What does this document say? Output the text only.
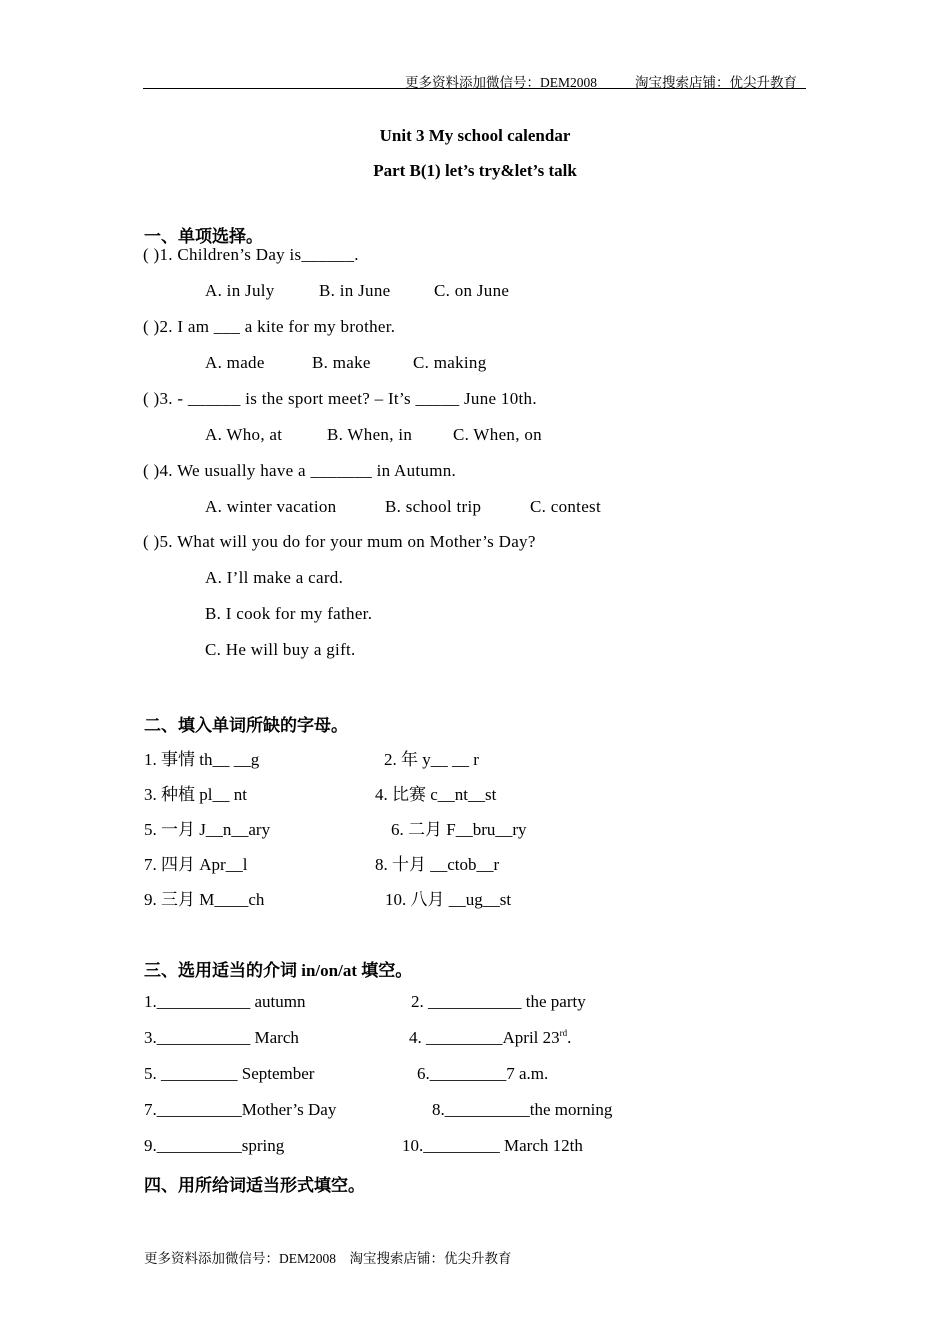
更多资料添加微信号：DEM2008	淘宝搜索店铺：优尖升教育
Unit 3 My school calendar
Part B(1) let’s try&let’s talk
一、单项选择。
( )1. Children’s Day is______.
A. in July	B. in June	C. on June
( )2. I am ___ a kite for my brother.
A. made	B. make C. making
( )3. - ______ is the sport meet? – It’s _____ June 10th.
A. Who, at	B. When, in C. When, on
( )4. We usually have a _______ in Autumn.
A. winter vacation	B. school trip	C. contest
( )5. What will you do for your mum on Mother’s Day?
A. I’ll make a card.
B. I cook for my father.
C. He will buy a gift.
二、填入单词所缺的字母。
1. 事情 th__ __g	2. 年 y__ __ r
3. 种植 pl__ nt	4. 比赛 c__nt__st
5. 一月 J__n__ary	6. 二月 F__bru__ry
7. 四月 Apr__l	8. 十月 __ctob__r
9. 三月 M____ch	10. 八月 __ug__st
三、选用适当的介词 in/on/at 填空。
1.___________ autumn	2. ___________ the party
3.___________ March	4. _________April 23rd.
5. _________ September	6._________7 a.m.
7.__________Mother’s Day	8.__________the morning
9.__________spring	10._________ March 12th
四、用所给词适当形式填空。
更多资料添加微信号：DEM2008    淘宝搜索店铺：优尖升教育
